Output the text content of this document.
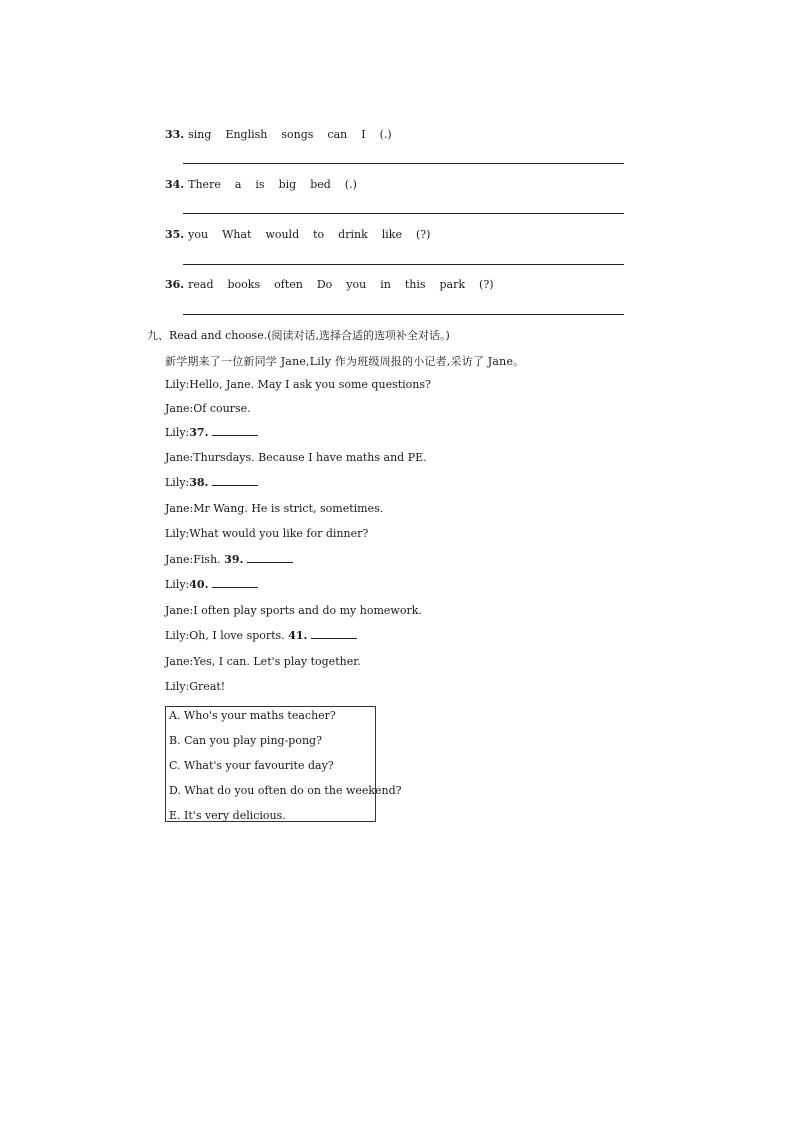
33. sing English songs can I (.)
34. There a is big bed (.)
35. you What would to drink like (?)
36. read books often Do you in this park (?)
九、Read and choose.(阅读对话,选择合适的选项补全对话。)
新学期来了一位新同学 Jane,Lily 作为班级周报的小记者,采访了 Jane。
Lily:Hello, Jane. May I ask you some questions?
Jane:Of course.
Lily:37.
Jane:Thursdays. Because I have maths and PE.
Lily:38.
Jane:Mr Wang. He is strict, sometimes.
Lily:What would you like for dinner?
Jane:Fish. 39.
Lily:40.
Jane:I often play sports and do my homework.
Lily:Oh, I love sports. 41.
Jane:Yes, I can. Let's play together.
Lily:Great!
A. Who's your maths teacher?
B. Can you play ping-pong?
C. What's your favourite day?
D. What do you often do on the weekend?
E. It's very delicious.
